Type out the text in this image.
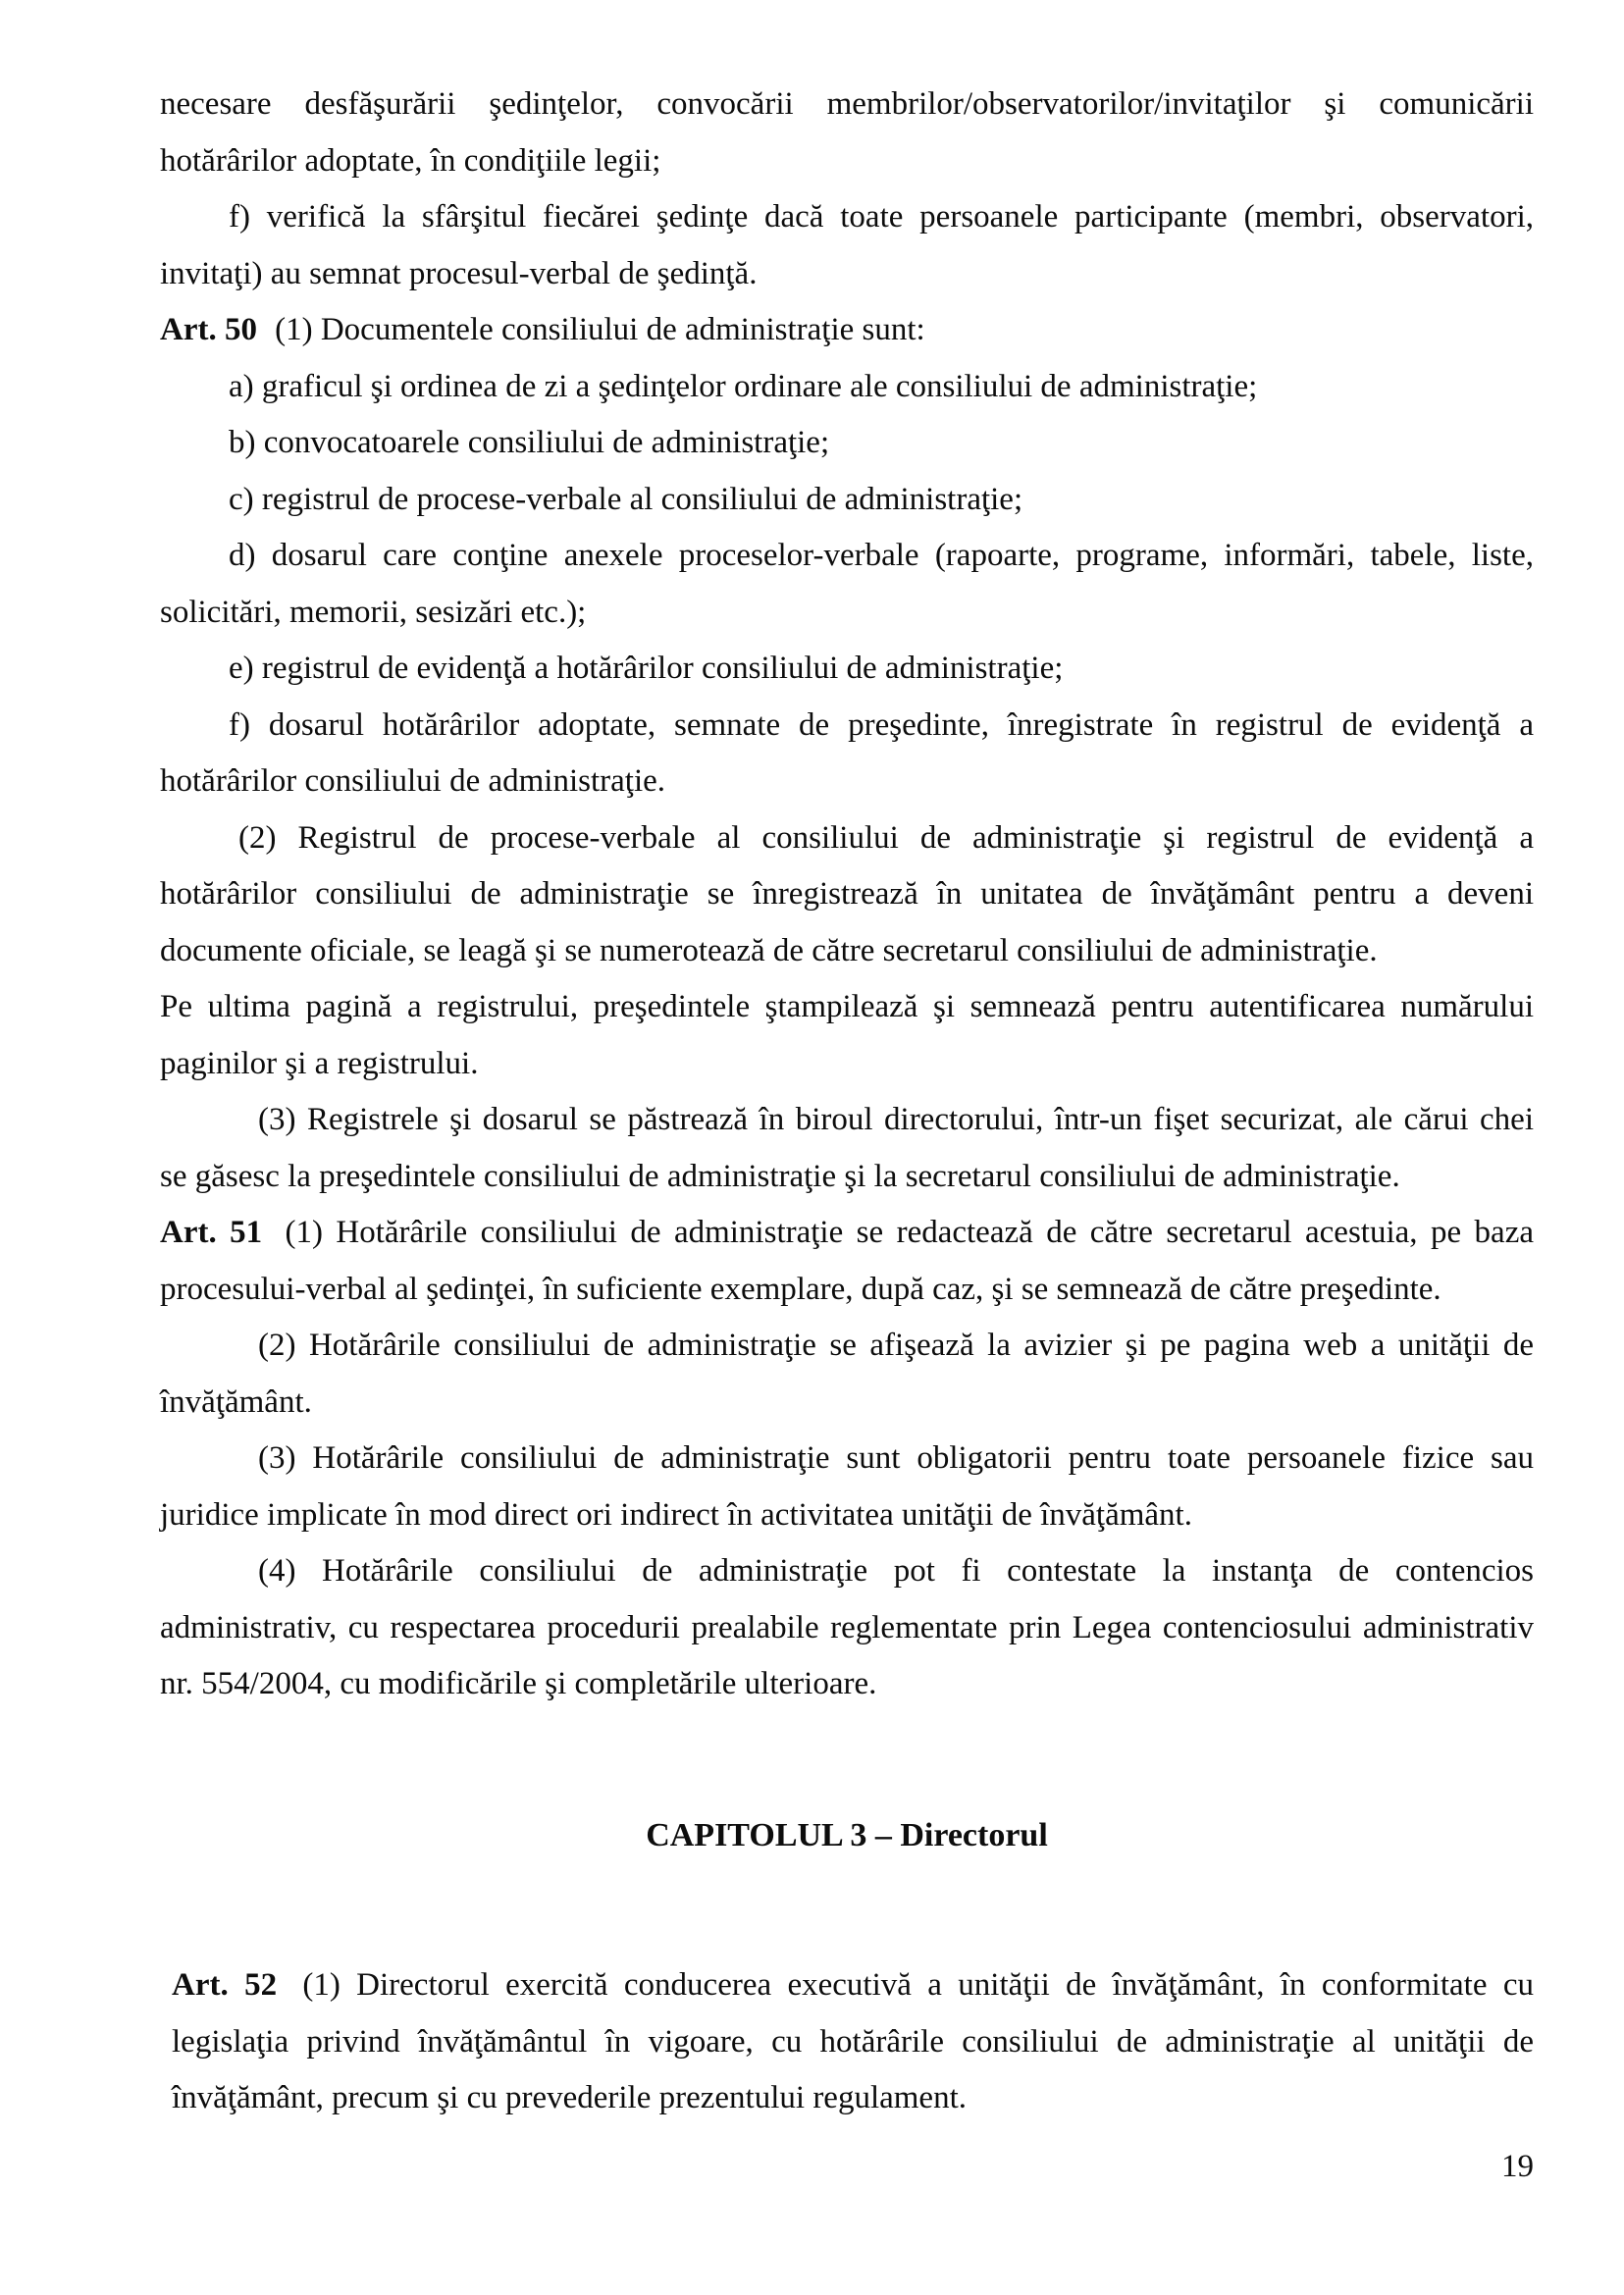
necesare desfăşurării şedinţelor, convocării membrilor/observatorilor/invitaţilor şi comunicării
hotărârilor adoptate, în condiţiile legii;
f) verifică la sfârşitul fiecărei şedinţe dacă toate persoanele participante (membri, observatori,
invitaţi) au semnat procesul-verbal de şedinţă.
Art. 50 (1) Documentele consiliului de administraţie sunt:
a) graficul şi ordinea de zi a şedinţelor ordinare ale consiliului de administraţie;
b) convocatoarele consiliului de administraţie;
c) registrul de procese-verbale al consiliului de administraţie;
d) dosarul care conţine anexele proceselor-verbale (rapoarte, programe, informări, tabele, liste,
solicitări, memorii, sesizări etc.);
e) registrul de evidenţă a hotărârilor consiliului de administraţie;
f) dosarul hotărârilor adoptate, semnate de preşedinte, înregistrate în registrul de evidenţă a
hotărârilor consiliului de administraţie.
(2) Registrul de procese-verbale al consiliului de administraţie şi registrul de evidenţă a
hotărârilor consiliului de administraţie se înregistrează în unitatea de învăţământ pentru a deveni
documente oficiale, se leagă şi se numerotează de către secretarul consiliului de administraţie.
Pe ultima pagină a registrului, preşedintele ştampilează şi semnează pentru autentificarea numărului
paginilor şi a registrului.
(3) Registrele şi dosarul se păstrează în biroul directorului, într-un fişet securizat, ale cărui chei
se găsesc la preşedintele consiliului de administraţie şi la secretarul consiliului de administraţie.
Art. 51 (1) Hotărârile consiliului de administraţie se redactează de către secretarul acestuia, pe baza
procesului-verbal al şedinţei, în suficiente exemplare, după caz, şi se semnează de către preşedinte.
(2) Hotărârile consiliului de administraţie se afişează la avizier şi pe pagina web a unităţii de
învăţământ.
(3) Hotărârile consiliului de administraţie sunt obligatorii pentru toate persoanele fizice sau
juridice implicate în mod direct ori indirect în activitatea unităţii de învăţământ.
(4) Hotărârile consiliului de administraţie pot fi contestate la instanţa de contencios
administrativ, cu respectarea procedurii prealabile reglementate prin Legea contenciosului administrativ
nr. 554/2004, cu modificările şi completările ulterioare.
CAPITOLUL 3 – Directorul
Art. 52 (1) Directorul exercită conducerea executivă a unităţii de învăţământ, în conformitate cu
legislaţia privind învăţământul în vigoare, cu hotărârile consiliului de administraţie al unităţii de
învăţământ, precum şi cu prevederile prezentului regulament.
19
